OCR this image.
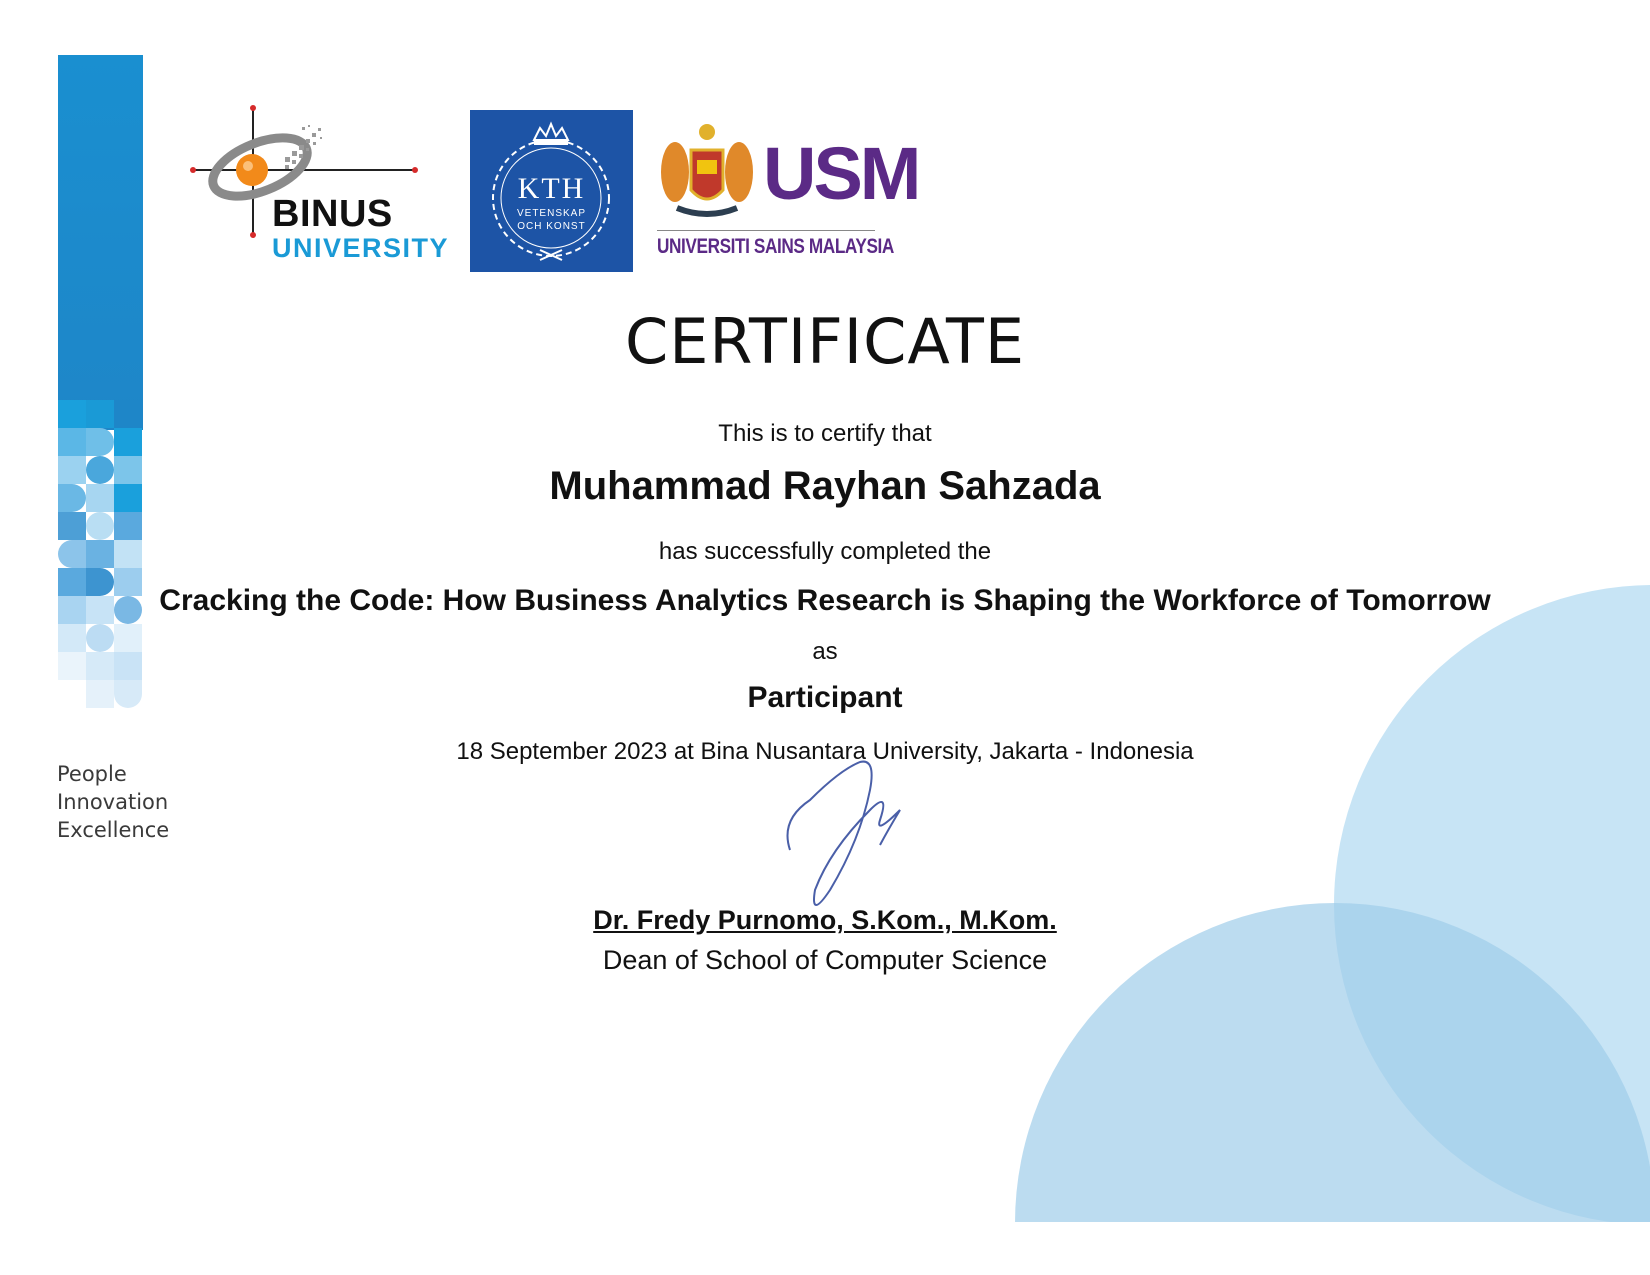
People
Innovation
Excellence
BINUS
UNIVERSITY
KTH
VETENSKAP
OCH KONST
USM
UNIVERSITI SAINS MALAYSIA
CERTIFICATE
This is to certify that
Muhammad Rayhan Sahzada
has successfully completed the
Cracking the Code: How Business Analytics Research is Shaping the Workforce of Tomorrow
as
Participant
18 September 2023 at Bina Nusantara University, Jakarta - Indonesia
Dr. Fredy Purnomo, S.Kom., M.Kom.
Dean of School of Computer Science
